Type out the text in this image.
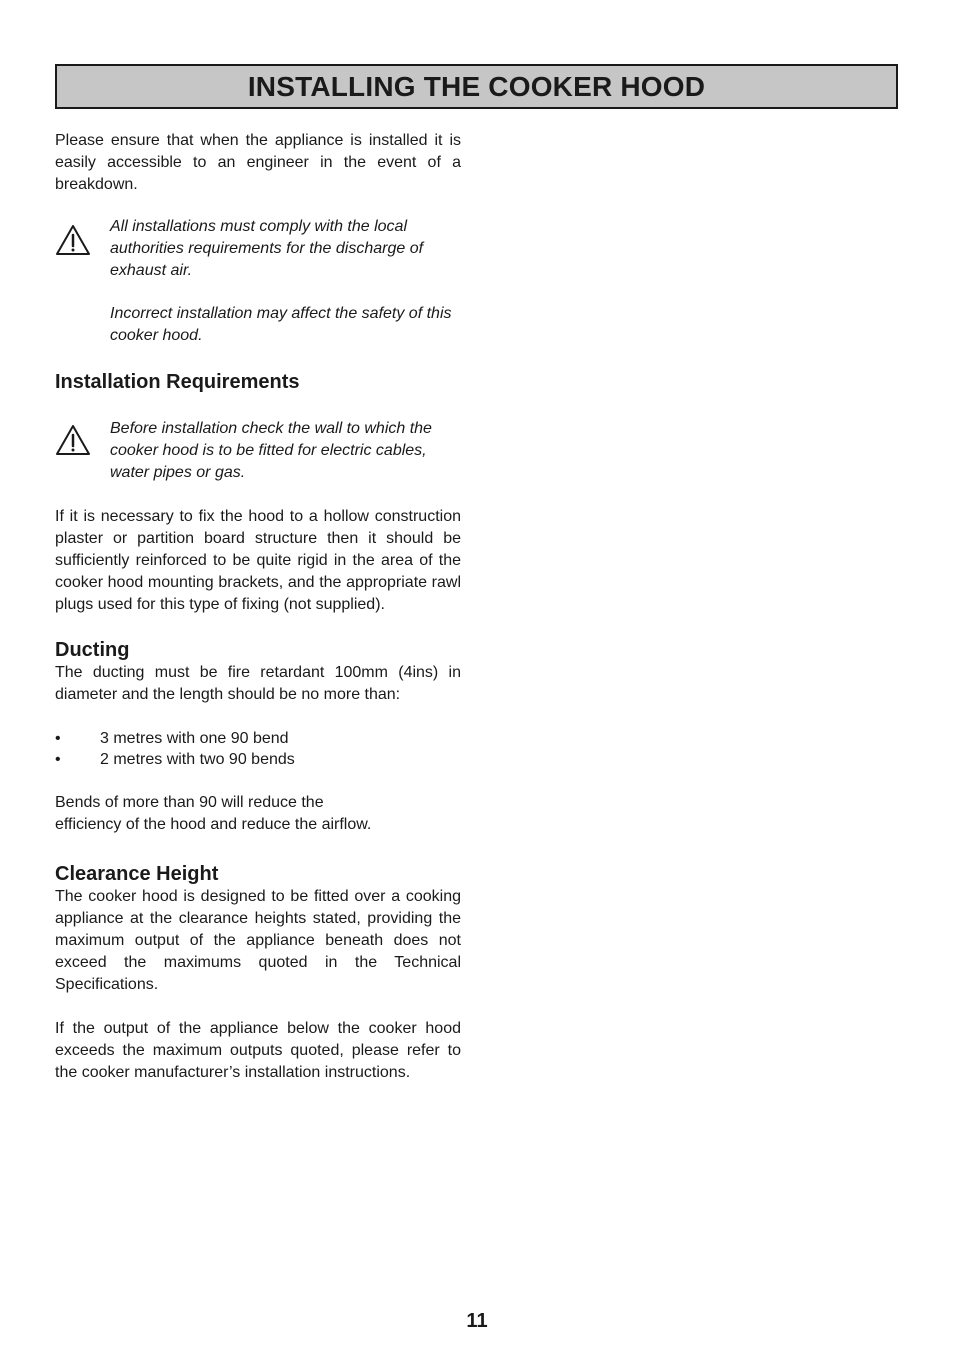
INSTALLING THE COOKER HOOD

Please ensure that when the appliance is installed it is easily accessible to an engineer in the event of a breakdown.

All installations must comply with the local authorities requirements for the discharge of exhaust air.

Incorrect installation may affect the safety of this cooker hood.

Installation Requirements

Before installation check the wall to which the cooker hood is to be fitted for electric cables, water pipes or gas.

If it is necessary to fix the hood to a hollow construction plaster or partition board structure then it should be sufficiently reinforced to be quite rigid in the area of the cooker hood mounting brackets, and the appropriate rawl plugs used for this type of fixing (not supplied).

Ducting

The ducting must be fire retardant 100mm (4ins) in diameter and the length should be no more than:

• 3 metres with one 90 bend
• 2 metres with two 90 bends

Bends of more than 90 will reduce the

efficiency of the hood and reduce the airflow.

Clearance Height

The cooker hood is designed to be fitted over a cooking appliance at the clearance heights stated, providing the maximum output of the appliance beneath does not exceed the maximums quoted in the Technical Specifications.

If the output of the appliance below the cooker hood exceeds the maximum outputs quoted, please refer to the cooker manufacturer’s installation instructions.

11
